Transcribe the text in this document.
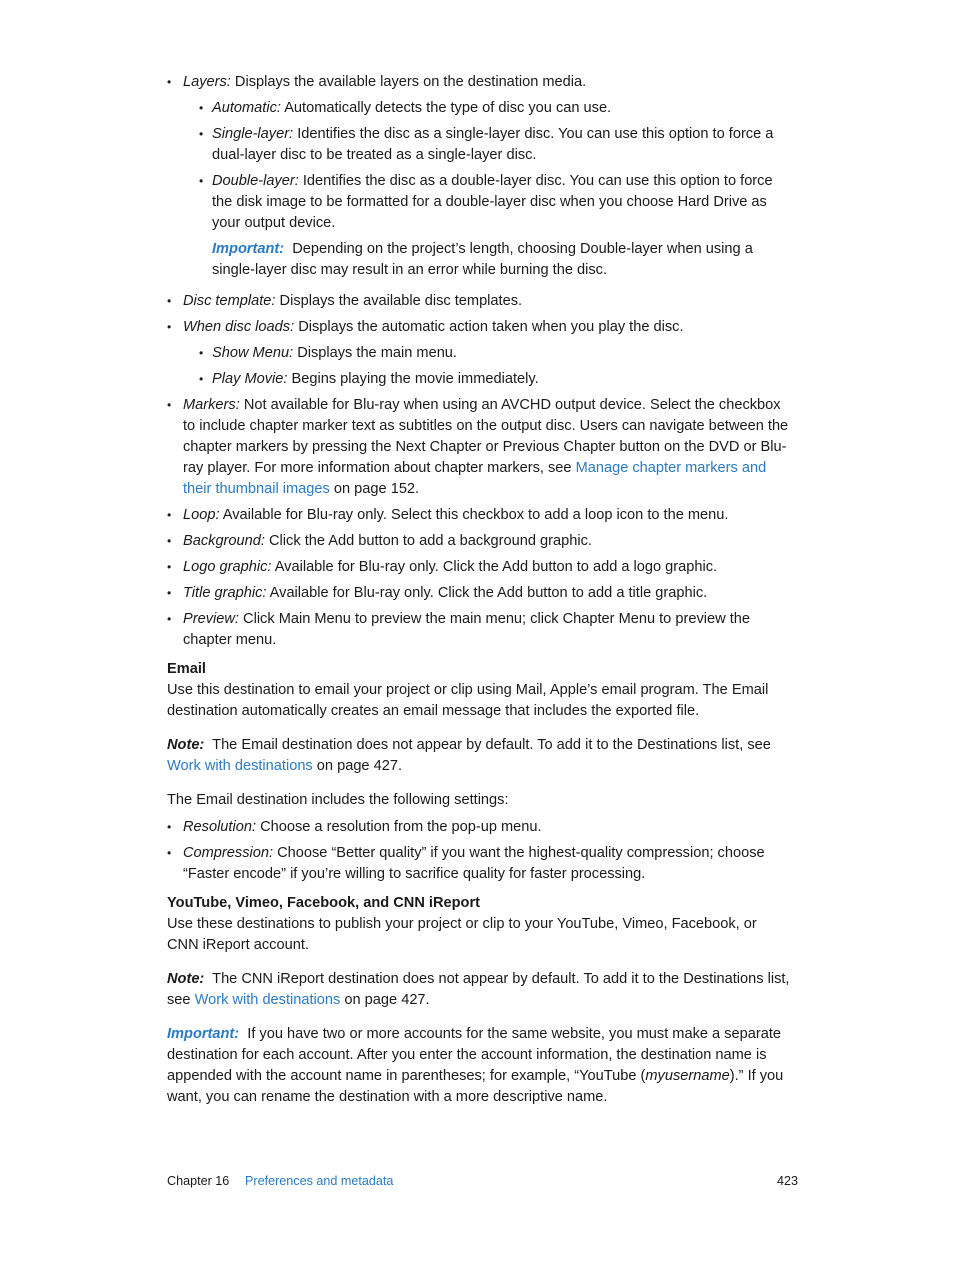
• Layers: Displays the available layers on the destination media.
• Automatic: Automatically detects the type of disc you can use.
• Single-layer: Identifies the disc as a single-layer disc. You can use this option to force a dual-layer disc to be treated as a single-layer disc.
• Double-layer: Identifies the disc as a double-layer disc. You can use this option to force the disk image to be formatted for a double-layer disc when you choose Hard Drive as your output device.

Important: Depending on the project’s length, choosing Double-layer when using a single-layer disc may result in an error while burning the disc.

• Disc template: Displays the available disc templates.
• When disc loads: Displays the automatic action taken when you play the disc.
• Show Menu: Displays the main menu.
• Play Movie: Begins playing the movie immediately.
• Markers: Not available for Blu-ray when using an AVCHD output device. Select the checkbox to include chapter marker text as subtitles on the output disc. Users can navigate between the chapter markers by pressing the Next Chapter or Previous Chapter button on the DVD or Blu-ray player. For more information about chapter markers, see Manage chapter markers and their thumbnail images on page 152.
• Loop: Available for Blu-ray only. Select this checkbox to add a loop icon to the menu.
• Background: Click the Add button to add a background graphic.
• Logo graphic: Available for Blu-ray only. Click the Add button to add a logo graphic.
• Title graphic: Available for Blu-ray only. Click the Add button to add a title graphic.
• Preview: Click Main Menu to preview the main menu; click Chapter Menu to preview the chapter menu.
Email

Use this destination to email your project or clip using Mail, Apple’s email program. The Email destination automatically creates an email message that includes the exported file.

Note: The Email destination does not appear by default. To add it to the Destinations list, see Work with destinations on page 427.

The Email destination includes the following settings:

• Resolution: Choose a resolution from the pop-up menu.
• Compression: Choose “Better quality” if you want the highest-quality compression; choose “Faster encode” if you’re willing to sacrifice quality for faster processing.
YouTube, Vimeo, Facebook, and CNN iReport

Use these destinations to publish your project or clip to your YouTube, Vimeo, Facebook, or CNN iReport account.

Note: The CNN iReport destination does not appear by default. To add it to the Destinations list, see Work with destinations on page 427.

Important: If you have two or more accounts for the same website, you must make a separate destination for each account. After you enter the account information, the destination name is appended with the account name in parentheses; for example, “YouTube (myusername).” If you want, you can rename the destination with a more descriptive name.

Chapter 16 Preferences and metadata	423
